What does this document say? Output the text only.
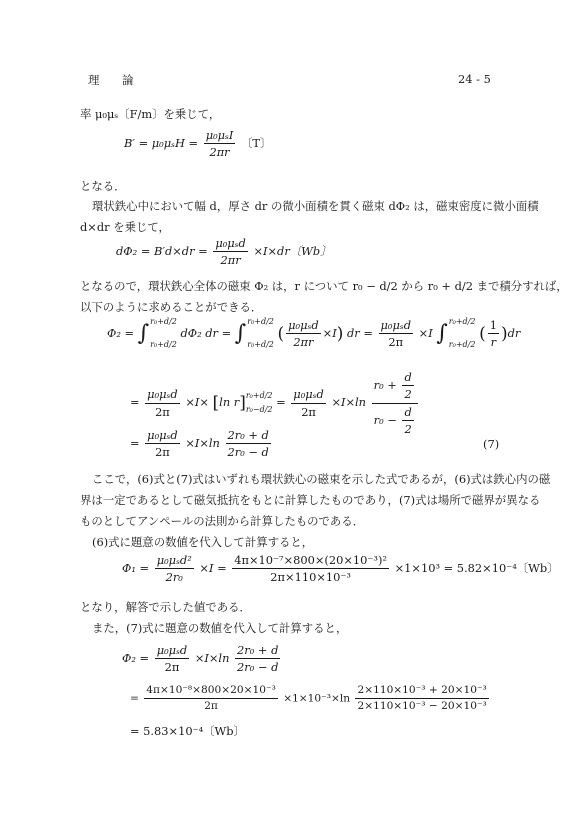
理　　論	24 - 5
率 μ₀μₛ〔F/m〕を乗じて，
$B' = \mu_0\mu_sH = \frac{\text{μ₀μₛI}}{2\pi r}$ 〔T〕
となる．
環状鉄心中において幅 d，厚さ dr の微小面積を貫く磁束 dΦ₂ は，磁束密度に微小面積
d×dr を乗じて，
$d\Phi_2 = B'd\times dr = \frac{\text{μ₀μₛd}}{2\pi r} \times I\times dr$〔Wb〕
となるので，環状鉄心全体の磁束 Φ₂ は，r について r₀ − d/2 から r₀ + d/2 まで積分すれば，
以下のように求めることができる．
Φ₂ = ∫ r₀+d/2
r₀+d/2
dΦ₂ dr = ∫ r₀+d/2
r₀+d/2
( $\frac{\text{μ₀μₛd}}{2\pi r} \times I$) dr = $\frac{\text{μ₀μₛd}}{2\pi} \times I$ ∫ r₀+d/2
r₀+d/2
( $\frac{1}{r} )dr$
= $\frac{\text{μ₀μₛd}}{2\pi} \times I\times [\ln$ r] r₀+d/2
r₀−d/2
= $\frac{\text{μ₀μₛd}}{2\pi} \times I\times\ln \frac{r_0 + \frac{d}{2}}{r_0 - \frac{d}{2}}$
= $\frac{\text{μ₀μₛd}}{2\pi} \times I\times\ln \frac{\text{2r₀ + d}}{\text{2r₀ − d}}$	(7)
ここで，(6)式と(7)式はいずれも環状鉄心の磁束を示した式であるが，(6)式は鉄心内の磁
界は一定であるとして磁気抵抗をもとに計算したものであり，(7)式は場所で磁界が異なる
ものとしてアンペールの法則から計算したものである．
(6)式に題意の数値を代入して計算すると，
$\Phi_1 = \frac{\text{μ₀μₛd²}}{\text{2r₀}} \times I = \frac{\text{4π×10⁻⁷×800×(20×10⁻³)²}}{\text{2π×110×10⁻³}} \times 1\times 10^3 = 5.82\times 10^{-4}$〔Wb〕
となり，解答で示した値である．
また，(7)式に題意の数値を代入して計算すると，
$\Phi_2 = \frac{\text{μ₀μₛd}}{2\pi} \times I\times\ln \frac{\text{2r₀ + d}}{\text{2r₀ − d}}$
= $\frac{\text{4π×10⁻⁸×800×20×10⁻³}}{2\pi} \times 1\times 10^{-3}\times\ln \frac{\text{2×110×10⁻³ + 20×10⁻³}}{\text{2×110×10⁻³ − 20×10⁻³}}$
= 5.83×10⁻⁴〔Wb〕
